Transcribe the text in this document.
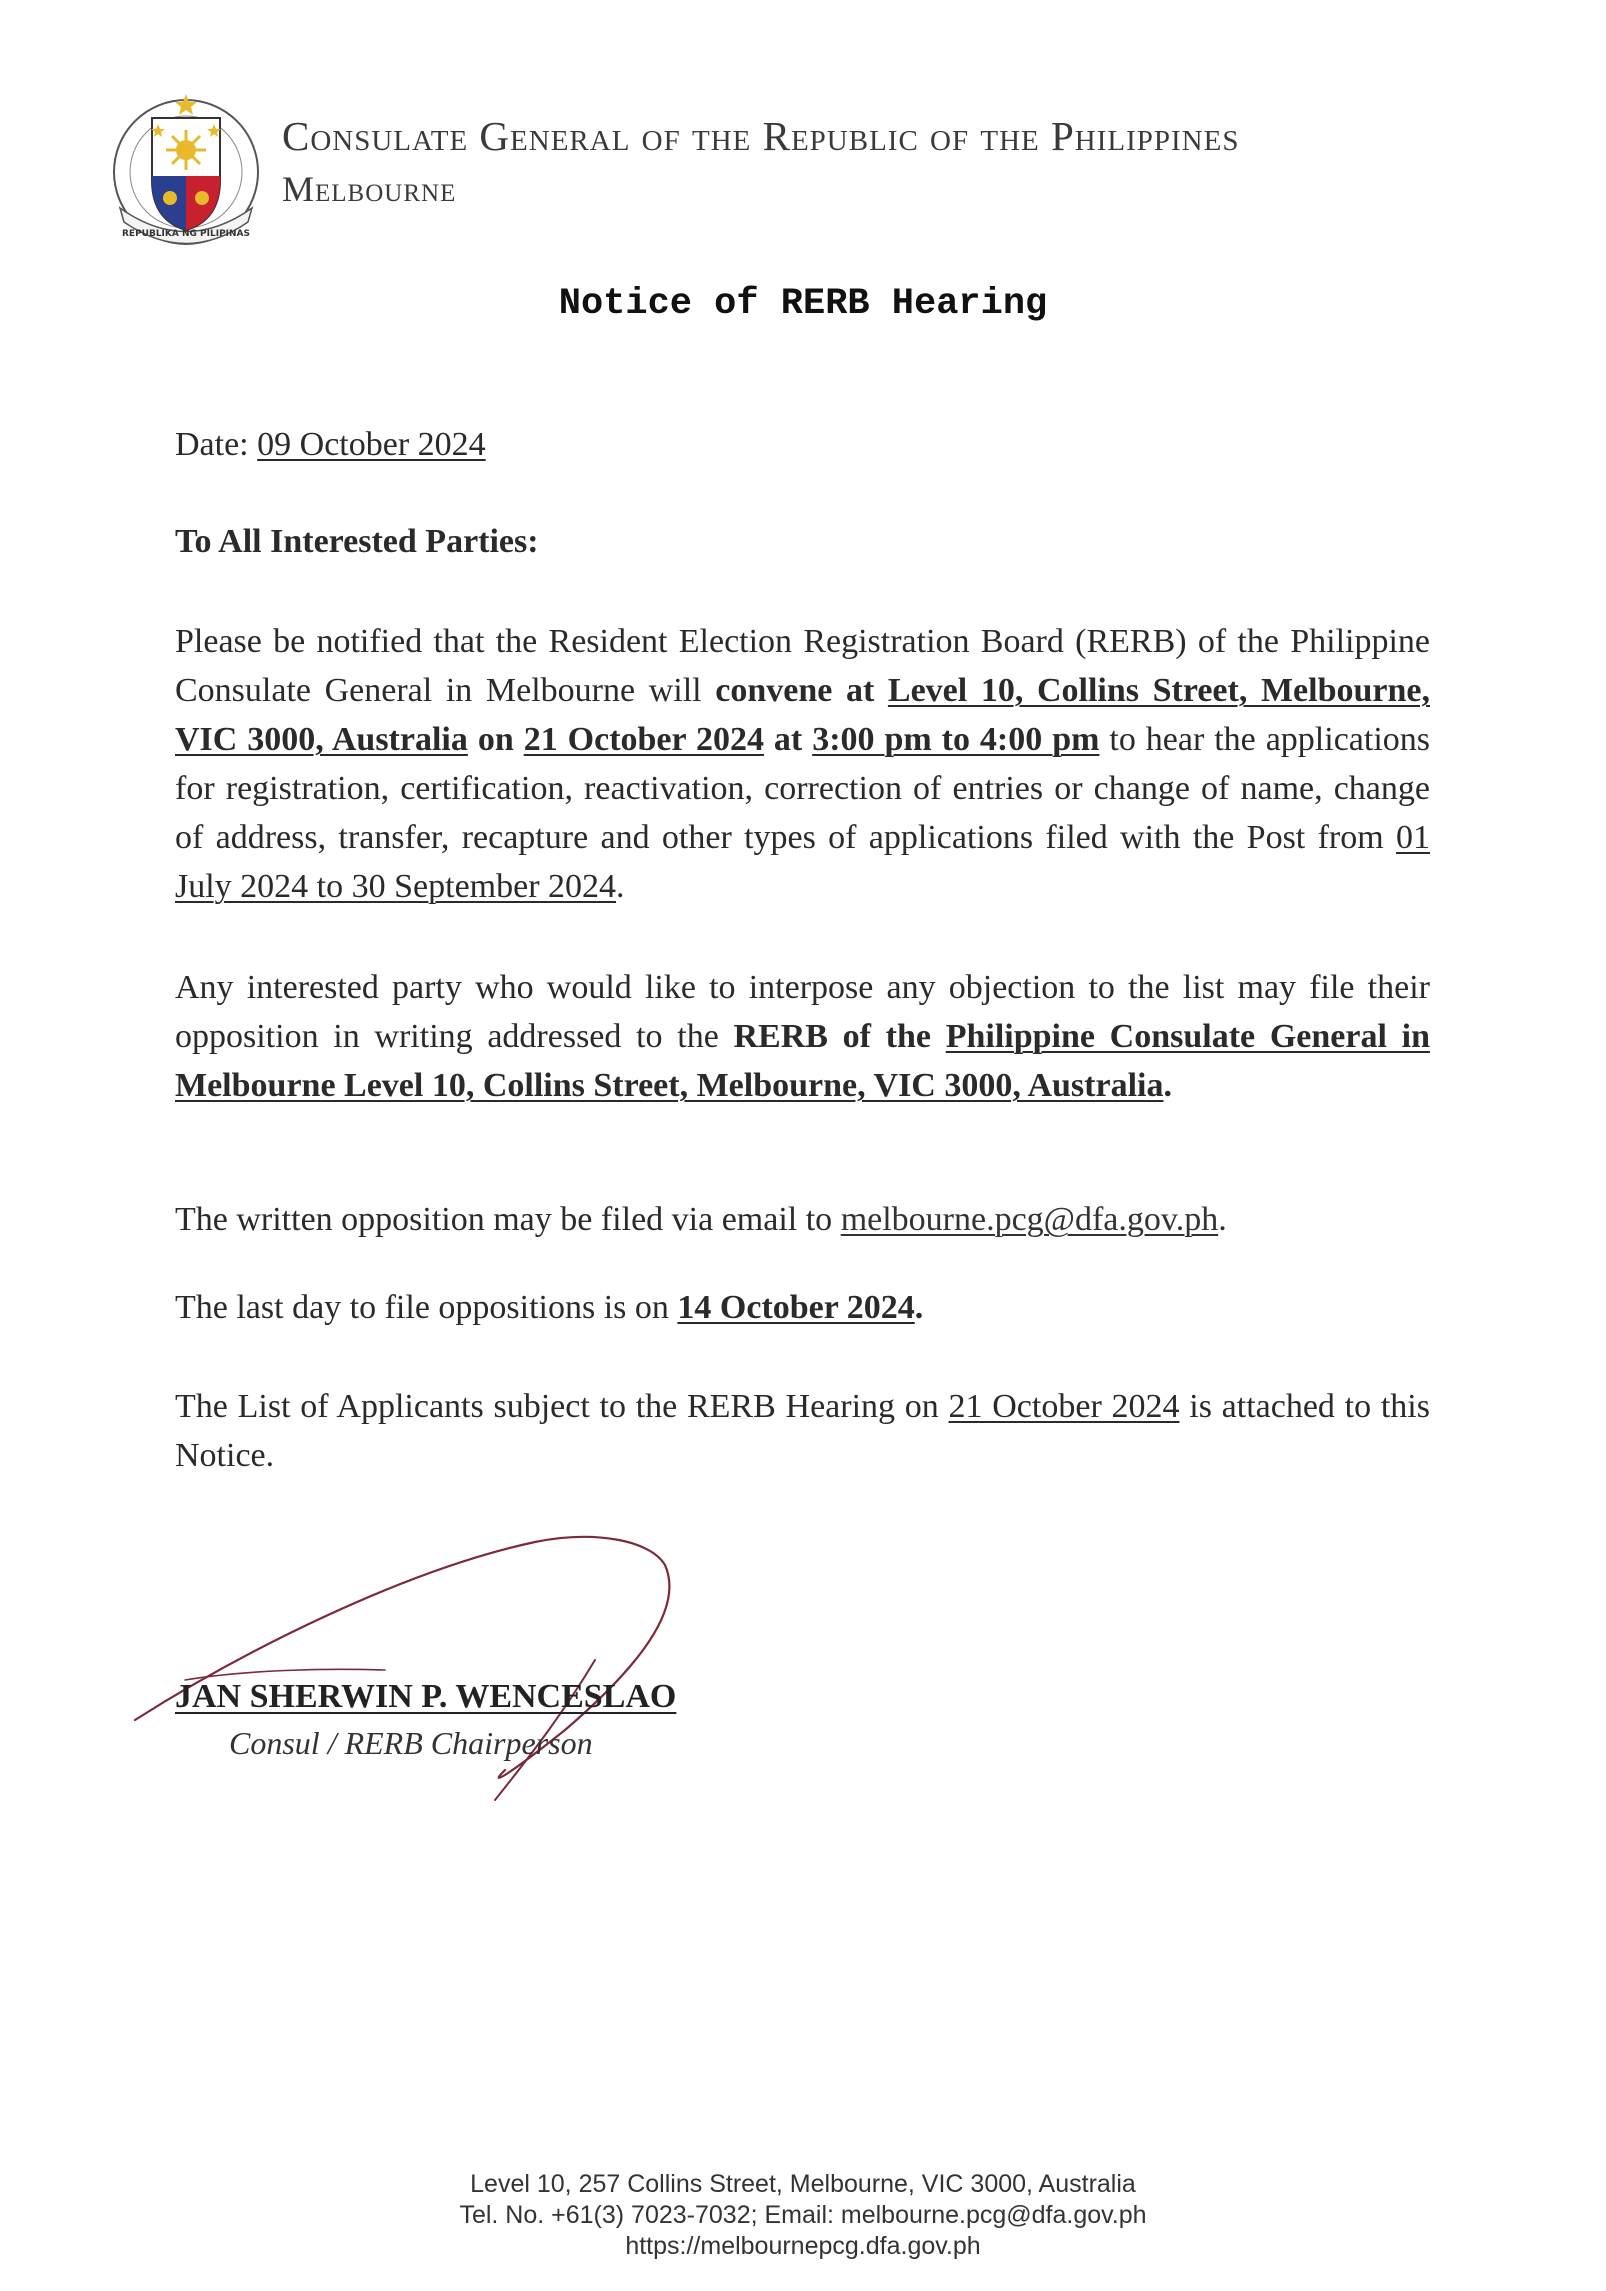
REPUBLIKA NG PILIPINAS
Consulate General of the Republic of the Philippines
Melbourne
Notice of RERB Hearing
Date: 09 October 2024
To All Interested Parties:
Please be notified that the Resident Election Registration Board (RERB) of the Philippine Consulate General in Melbourne will convene at Level 10, Collins Street, Melbourne, VIC 3000, Australia on 21 October 2024 at 3:00 pm to 4:00 pm to hear the applications for registration, certification, reactivation, correction of entries or change of name, change of address, transfer, recapture and other types of applications filed with the Post from 01 July 2024 to 30 September 2024.
Any interested party who would like to interpose any objection to the list may file their opposition in writing addressed to the RERB of the Philippine Consulate General in Melbourne Level 10, Collins Street, Melbourne, VIC 3000, Australia.
The written opposition may be filed via email to melbourne.pcg@dfa.gov.ph.
The last day to file oppositions is on 14 October 2024.
The List of Applicants subject to the RERB Hearing on 21 October 2024 is attached to this Notice.
JAN SHERWIN P. WENCESLAO
Consul / RERB Chairperson
Level 10, 257 Collins Street, Melbourne, VIC 3000, Australia
Tel. No. +61(3) 7023-7032; Email: melbourne.pcg@dfa.gov.ph
https://melbournepcg.dfa.gov.ph
